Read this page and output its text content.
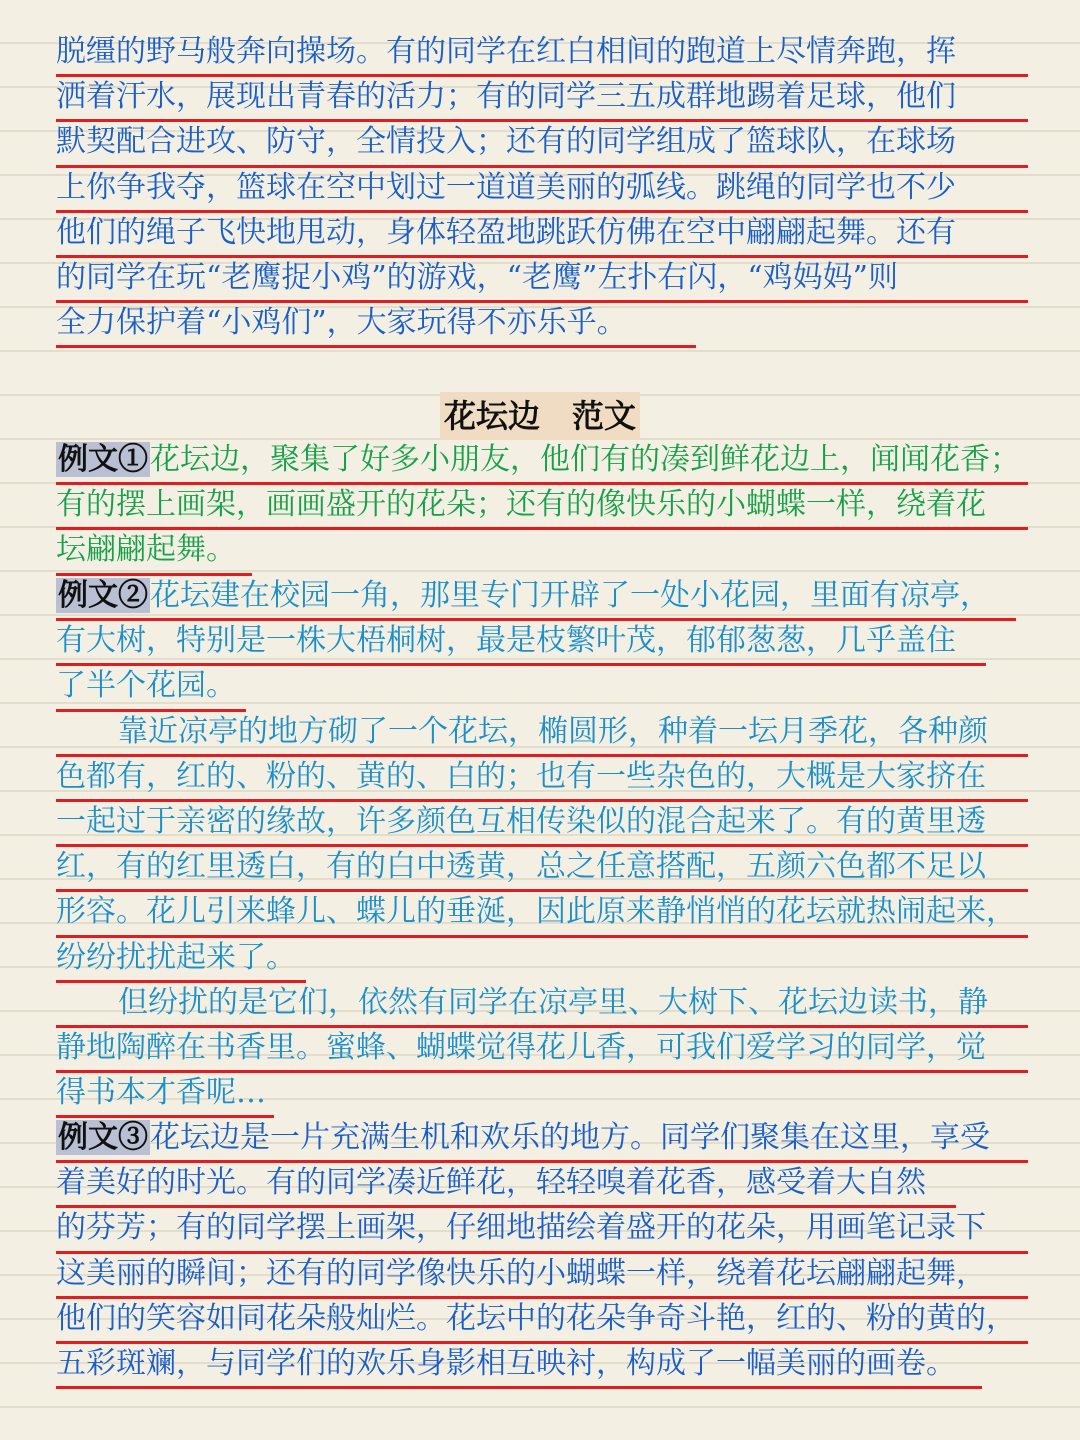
脱缰的野马般奔向操场。有的同学在红白相间的跑道上尽情奔跑，挥
洒着汗水，展现出青春的活力；有的同学三五成群地踢着足球，他们
默契配合进攻、防守，全情投入；还有的同学组成了篮球队，在球场
上你争我夺，篮球在空中划过一道道美丽的弧线。跳绳的同学也不少
他们的绳子飞快地甩动，身体轻盈地跳跃仿佛在空中翩翩起舞。还有
的同学在玩“老鹰捉小鸡”的游戏，“老鹰”左扑右闪，“鸡妈妈”则
全力保护着“小鸡们”，大家玩得不亦乐乎。
花坛边　范文
例文①花坛边，聚集了好多小朋友，他们有的凑到鲜花边上，闻闻花香；
有的摆上画架，画画盛开的花朵；还有的像快乐的小蝴蝶一样，绕着花
坛翩翩起舞。
例文②花坛建在校园一角，那里专门开辟了一处小花园，里面有凉亭，
有大树，特别是一株大梧桐树，最是枝繁叶茂，郁郁葱葱，几乎盖住
了半个花园。
靠近凉亭的地方砌了一个花坛，椭圆形，种着一坛月季花，各种颜
色都有，红的、粉的、黄的、白的；也有一些杂色的，大概是大家挤在
一起过于亲密的缘故，许多颜色互相传染似的混合起来了。有的黄里透
红，有的红里透白，有的白中透黄，总之任意搭配，五颜六色都不足以
形容。花儿引来蜂儿、蝶儿的垂涎，因此原来静悄悄的花坛就热闹起来，
纷纷扰扰起来了。
但纷扰的是它们，依然有同学在凉亭里、大树下、花坛边读书，静
静地陶醉在书香里。蜜蜂、蝴蝶觉得花儿香，可我们爱学习的同学，觉
得书本才香呢…
例文③花坛边是一片充满生机和欢乐的地方。同学们聚集在这里，享受
着美好的时光。有的同学凑近鲜花，轻轻嗅着花香，感受着大自然
的芬芳；有的同学摆上画架，仔细地描绘着盛开的花朵，用画笔记录下
这美丽的瞬间；还有的同学像快乐的小蝴蝶一样，绕着花坛翩翩起舞，
他们的笑容如同花朵般灿烂。花坛中的花朵争奇斗艳，红的、粉的黄的，
五彩斑斓，与同学们的欢乐身影相互映衬，构成了一幅美丽的画卷。
